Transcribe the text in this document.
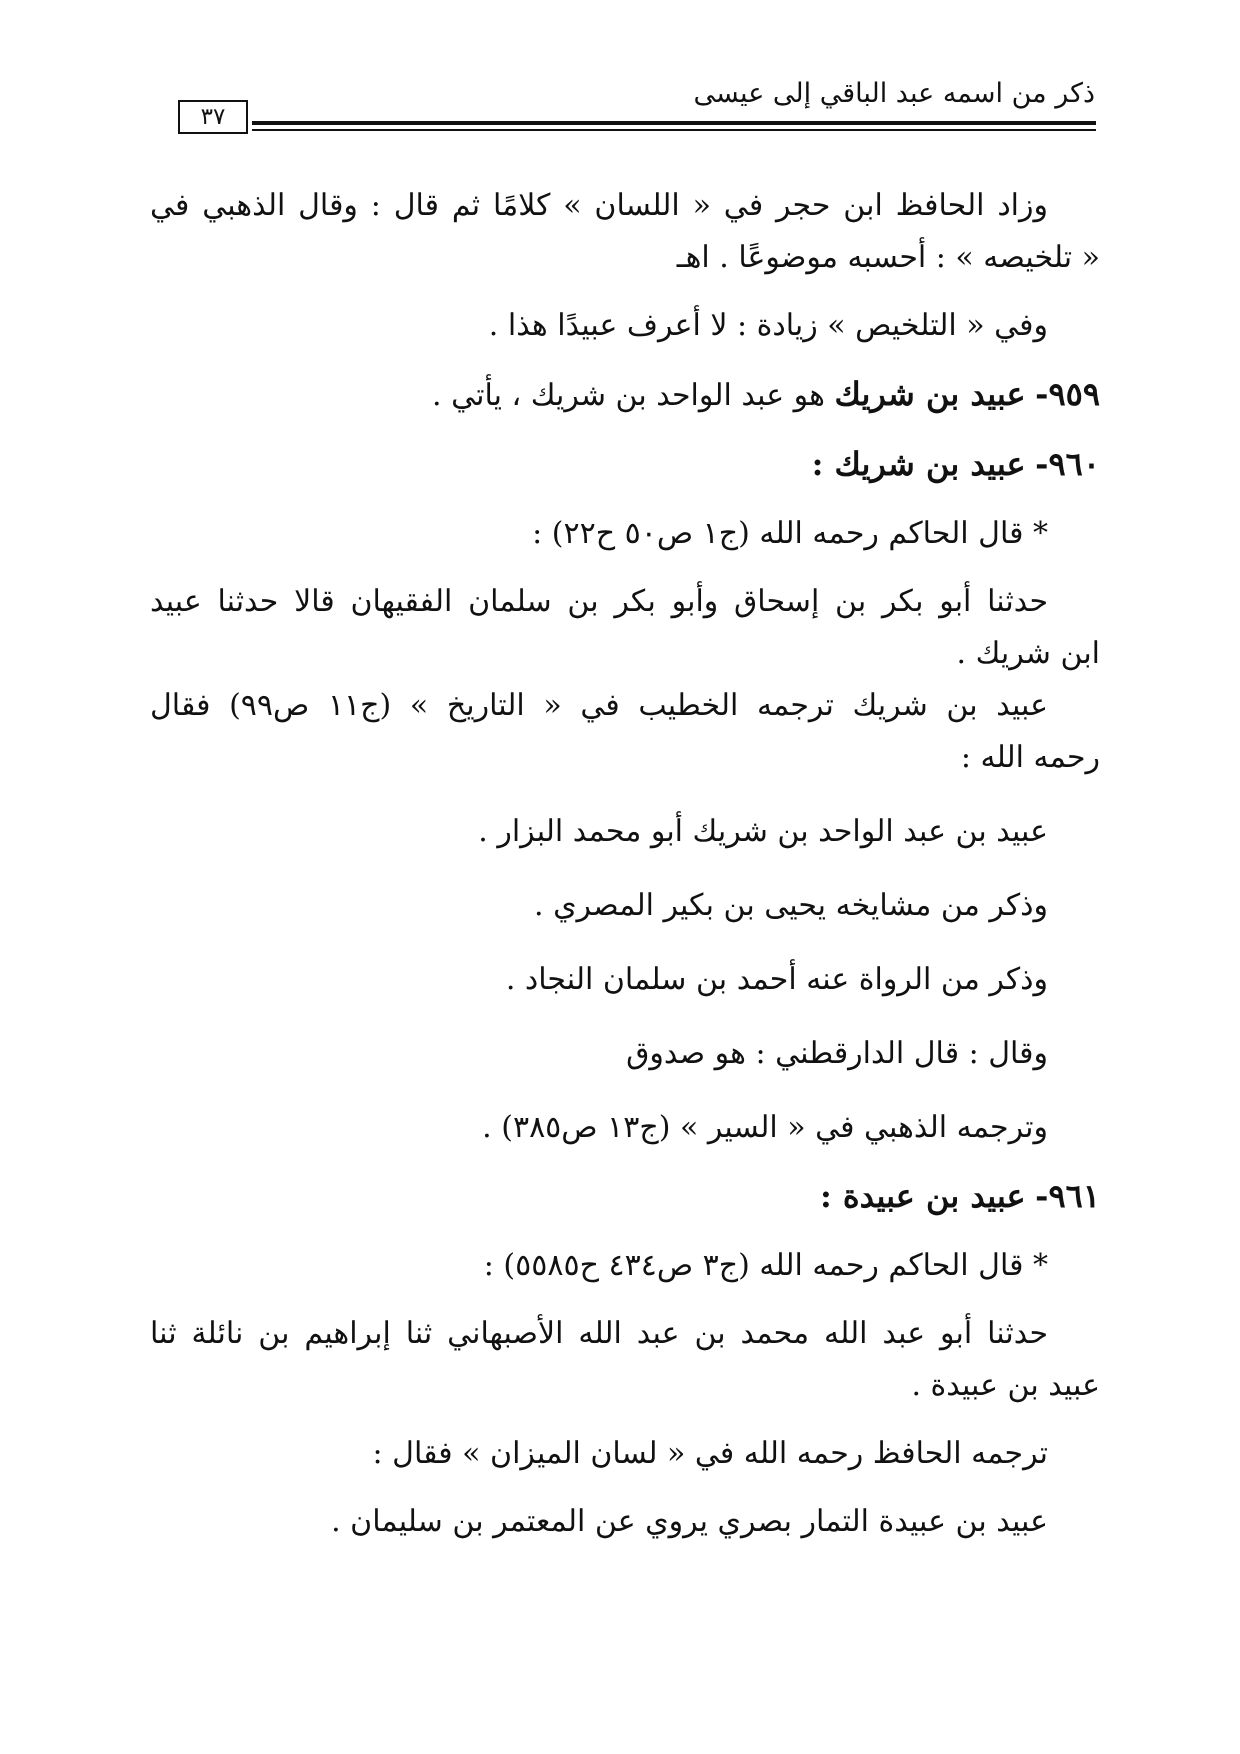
ذكر من اسمه عبد الباقي إلى عيسى
٣٧
وزاد الحافظ ابن حجر في « اللسان » كلامًا ثم قال : وقال الذهبي في
« تلخيصه » : أحسبه موضوعًا . اهـ
وفي « التلخيص » زيادة : لا أعرف عبيدًا هذا .
٩٥٩- عبيد بن شريك هو عبد الواحد بن شريك ، يأتي .
٩٦٠- عبيد بن شريك :
* قال الحاكم رحمه الله (ج١ ص٥٠ ح٢٢) :
حدثنا أبو بكر بن إسحاق وأبو بكر بن سلمان الفقيهان قالا حدثنا عبيد
ابن شريك .
عبيد بن شريك ترجمه الخطيب في « التاريخ » (ج١١ ص٩٩) فقال
رحمه الله :
عبيد بن عبد الواحد بن شريك أبو محمد البزار .
وذكر من مشايخه يحيى بن بكير المصري .
وذكر من الرواة عنه أحمد بن سلمان النجاد .
وقال : قال الدارقطني : هو صدوق
وترجمه الذهبي في « السير » (ج١٣ ص٣٨٥) .
٩٦١- عبيد بن عبيدة :
* قال الحاكم رحمه الله (ج٣ ص٤٣٤ ح٥٥٨٥) :
حدثنا أبو عبد الله محمد بن عبد الله الأصبهاني ثنا إبراهيم بن نائلة ثنا
عبيد بن عبيدة .
ترجمه الحافظ رحمه الله في « لسان الميزان » فقال :
عبيد بن عبيدة التمار بصري يروي عن المعتمر بن سليمان .
